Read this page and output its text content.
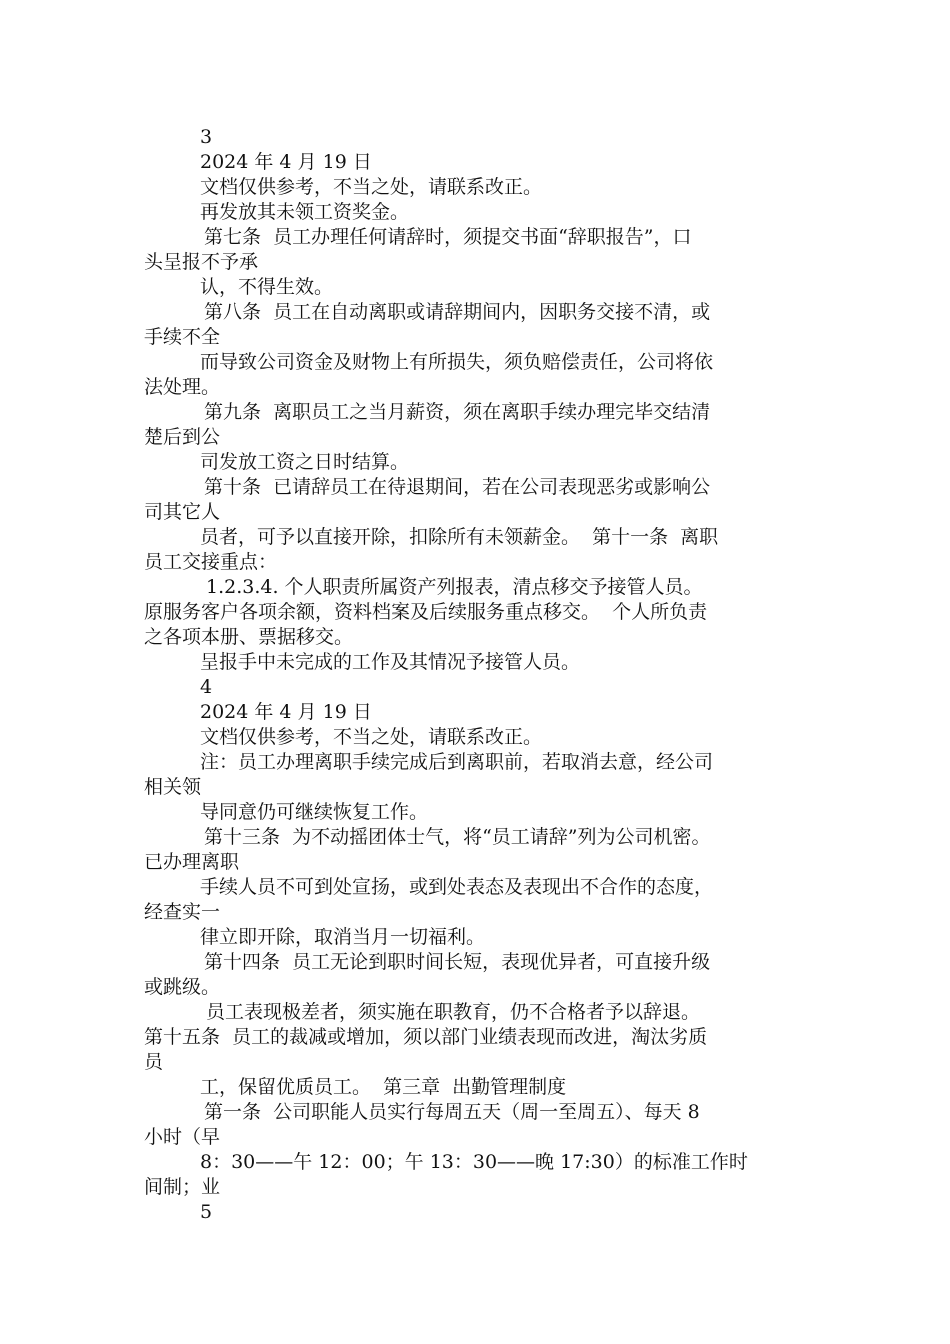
3
2024 年 4 月 19 日
文档仅供参考，不当之处，请联系改正。
再发放其未领工资奖金。
第七条  员工办理任何请辞时，须提交书面“辞职报告”，口
头呈报不予承
认，不得生效。
第八条  员工在自动离职或请辞期间内，因职务交接不清，或
手续不全
而导致公司资金及财物上有所损失，须负赔偿责任，公司将依
法处理。
第九条  离职员工之当月薪资，须在离职手续办理完毕交结清
楚后到公
司发放工资之日时结算。
第十条  已请辞员工在待退期间，若在公司表现恶劣或影响公
司其它人
员者，可予以直接开除，扣除所有未领薪金。  第十一条  离职
员工交接重点：
1.2.3.4. 个人职责所属资产列报表，清点移交予接管人员。
原服务客户各项余额，资料档案及后续服务重点移交。  个人所负责
之各项本册、票据移交。
呈报手中未完成的工作及其情况予接管人员。
4
2024 年 4 月 19 日
文档仅供参考，不当之处，请联系改正。
注：员工办理离职手续完成后到离职前，若取消去意，经公司
相关领
导同意仍可继续恢复工作。
第十三条  为不动摇团体士气，将“员工请辞”列为公司机密。
已办理离职
手续人员不可到处宣扬，或到处表态及表现出不合作的态度，
经查实一
律立即开除，取消当月一切福利。
第十四条  员工无论到职时间长短，表现优异者，可直接升级
或跳级。
员工表现极差者，须实施在职教育，仍不合格者予以辞退。
第十五条  员工的裁减或增加，须以部门业绩表现而改进，淘汰劣质
员
工，保留优质员工。  第三章  出勤管理制度
第一条  公司职能人员实行每周五天（周一至周五）、每天 8
小时（早
8：30——午 12：00；午 13：30——晚 17:30）的标准工作时
间制；业
5
